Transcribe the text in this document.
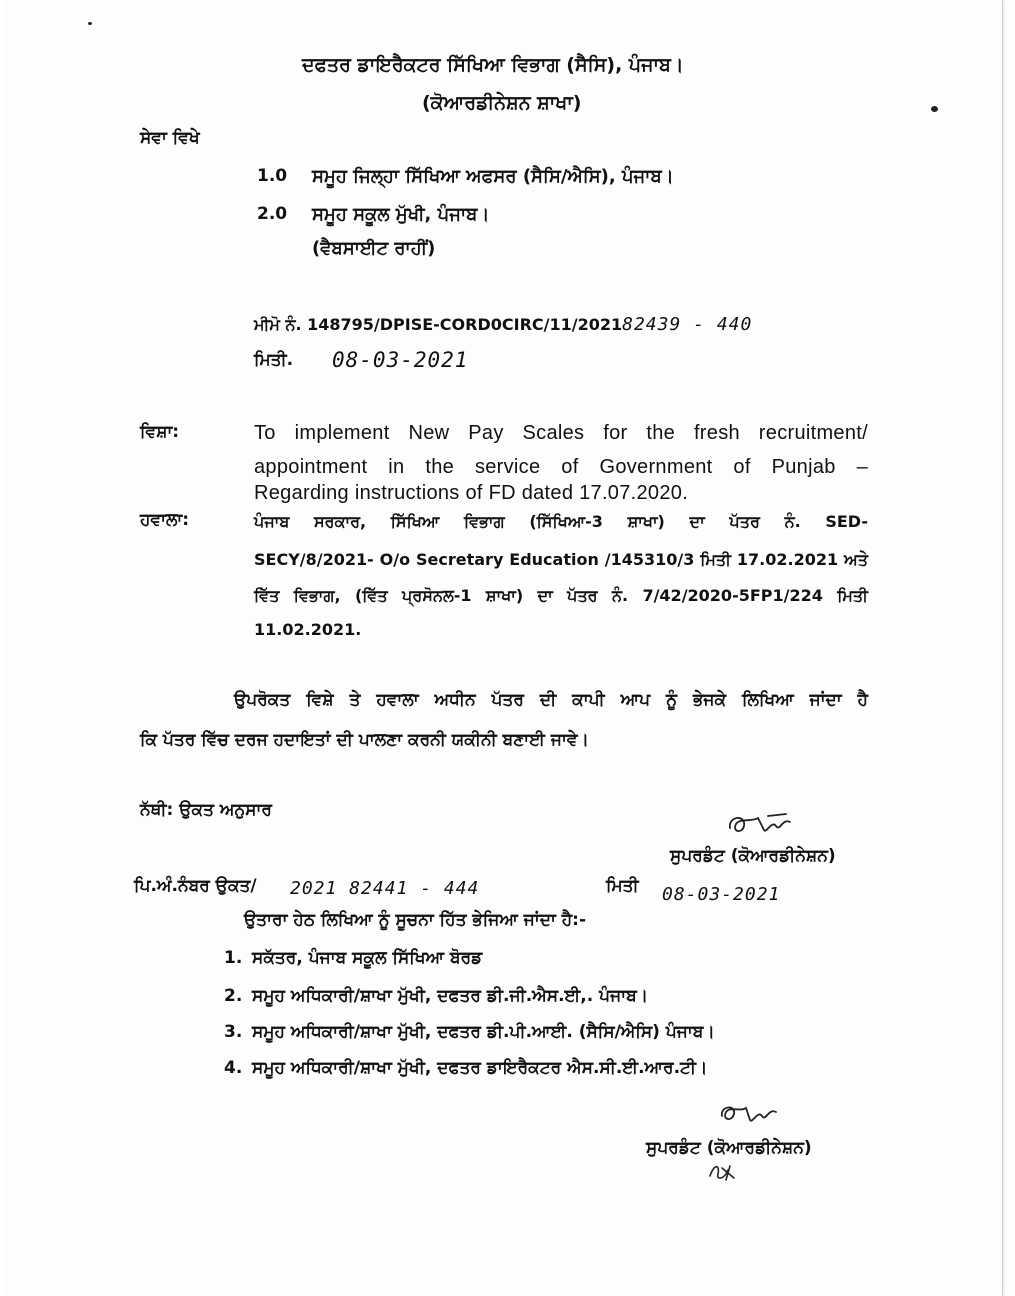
ਦਫਤਰ ਡਾਇਰੈਕਟਰ ਸਿੱਖਿਆ ਵਿਭਾਗ (ਸੈਸਿ), ਪੰਜਾਬ।
(ਕੋਆਰਡੀਨੇਸ਼ਨ ਸ਼ਾਖਾ)
ਸੇਵਾ ਵਿਖੇ
1.0 ਸਮੂਹ ਜਿਲ੍ਹਾ ਸਿੱਖਿਆ ਅਫਸਰ (ਸੈਸਿ/ਐਸਿ), ਪੰਜਾਬ।
2.0 ਸਮੂਹ ਸਕੂਲ ਮੁੱਖੀ, ਪੰਜਾਬ।
(ਵੈਬਸਾਈਟ ਰਾਹੀਂ)
ਮੀਮੋ ਨੰ. 148795/DPISE-CORD0CIRC/11/202182439 - 440
ਮਿਤੀ. 08-03-2021
ਵਿਸ਼ਾ:	To implement New Pay Scales for the fresh recruitment/
appointment in the service of Government of Punjab –
Regarding instructions of FD dated 17.07.2020.
ਹਵਾਲਾ:	ਪੰਜਾਬ ਸਰਕਾਰ, ਸਿੱਖਿਆ ਵਿਭਾਗ (ਸਿੱਖਿਆ-3 ਸ਼ਾਖਾ) ਦਾ ਪੱਤਰ ਨੰ. SED-
SECY/8/2021- O/o Secretary Education /145310/3 ਮਿਤੀ 17.02.2021 ਅਤੇ
ਵਿੱਤ ਵਿਭਾਗ, (ਵਿੱਤ ਪ੍ਰਸੋਨਲ-1 ਸ਼ਾਖਾ) ਦਾ ਪੱਤਰ ਨੰ. 7/42/2020-5FP1/224 ਮਿਤੀ
11.02.2021.
ਉਪਰੋਕਤ ਵਿਸ਼ੇ ਤੇ ਹਵਾਲਾ ਅਧੀਨ ਪੱਤਰ ਦੀ ਕਾਪੀ ਆਪ ਨੂੰ ਭੇਜਕੇ ਲਿਖਿਆ ਜਾਂਦਾ ਹੈ
ਕਿ ਪੱਤਰ ਵਿੱਚ ਦਰਜ ਹਦਾਇਤਾਂ ਦੀ ਪਾਲਣਾ ਕਰਨੀ ਯਕੀਨੀ ਬਣਾਈ ਜਾਵੇ।
ਨੱਥੀ: ਉਕਤ ਅਨੁਸਾਰ
ਸੁਪਰਡੰਟ (ਕੋਆਰਡੀਨੇਸ਼ਨ)
ਪਿ.ਅੰ.ਨੰਬਰ ਉਕਤ/ 2021 82441 - 444	ਮਿਤੀ 08-03-2021
ਉਤਾਰਾ ਹੇਠ ਲਿਖਿਆ ਨੂੰ ਸੂਚਨਾ ਹਿੱਤ ਭੇਜਿਆ ਜਾਂਦਾ ਹੈ:-
1. ਸਕੱਤਰ, ਪੰਜਾਬ ਸਕੂਲ ਸਿੱਖਿਆ ਬੋਰਡ
2. ਸਮੂਹ ਅਧਿਕਾਰੀ/ਸ਼ਾਖਾ ਮੁੱਖੀ, ਦਫਤਰ ਡੀ.ਜੀ.ਐਸ.ਈ,. ਪੰਜਾਬ।
3. ਸਮੂਹ ਅਧਿਕਾਰੀ/ਸ਼ਾਖਾ ਮੁੱਖੀ, ਦਫਤਰ ਡੀ.ਪੀ.ਆਈ. (ਸੈਸਿ/ਐਸਿ) ਪੰਜਾਬ।
4. ਸਮੂਹ ਅਧਿਕਾਰੀ/ਸ਼ਾਖਾ ਮੁੱਖੀ, ਦਫਤਰ ਡਾਇਰੈਕਟਰ ਐਸ.ਸੀ.ਈ.ਆਰ.ਟੀ।
ਸੁਪਰਡੰਟ (ਕੋਆਰਡੀਨੇਸ਼ਨ)
